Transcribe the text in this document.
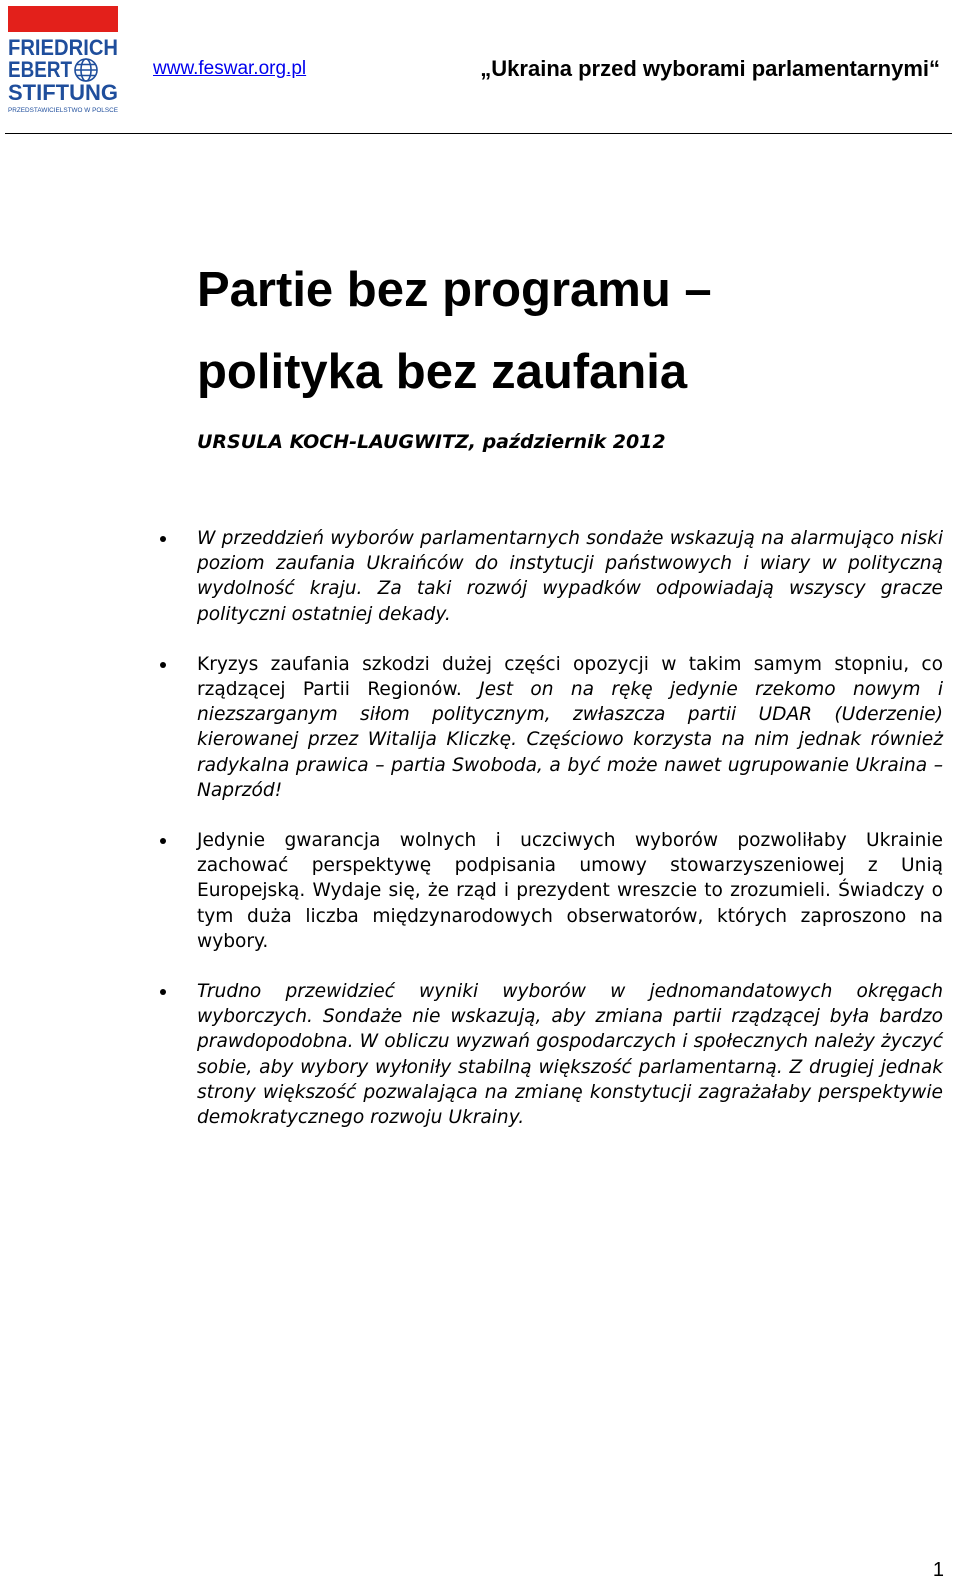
FRIEDRICH
EBERT
STIFTUNG
PRZEDSTAWICIELSTWO W POLSCE
www.feswar.org.pl	„Ukraina przed wyborami parlamentarnymi“
Partie bez programu –
polityka bez zaufania
URSULA KOCH-LAUGWITZ, październik 2012
W przeddzień wyborów parlamentarnych sondaże wskazują na alarmująco niski poziom zaufania Ukraińców do instytucji państwowych i wiary w polityczną wydolność kraju. Za taki rozwój wypadków odpowiadają wszyscy gracze polityczni ostatniej dekady.
Kryzys zaufania szkodzi dużej części opozycji w takim samym stopniu, co rządzącej Partii Regionów. Jest on na rękę jedynie rzekomo nowym i niezszarganym siłom politycznym, zwłaszcza partii UDAR (Uderzenie) kierowanej przez Witalija Kliczkę. Częściowo korzysta na nim jednak również radykalna prawica – partia Swoboda, a być może nawet ugrupowanie Ukraina – Naprzód!
Jedynie gwarancja wolnych i uczciwych wyborów pozwoliłaby Ukrainie zachować perspektywę podpisania umowy stowarzyszeniowej z Unią Europejską. Wydaje się, że rząd i prezydent wreszcie to zrozumieli. Świadczy o tym duża liczba międzynarodowych obserwatorów, których zaproszono na wybory.
Trudno przewidzieć wyniki wyborów w jednomandatowych okręgach wyborczych. Sondaże nie wskazują, aby zmiana partii rządzącej była bardzo prawdopodobna. W obliczu wyzwań gospodarczych i społecznych należy życzyć sobie, aby wybory wyłoniły stabilną większość parlamentarną. Z drugiej jednak strony większość pozwalająca na zmianę konstytucji zagrażałaby perspektywie demokratycznego rozwoju Ukrainy.
1
